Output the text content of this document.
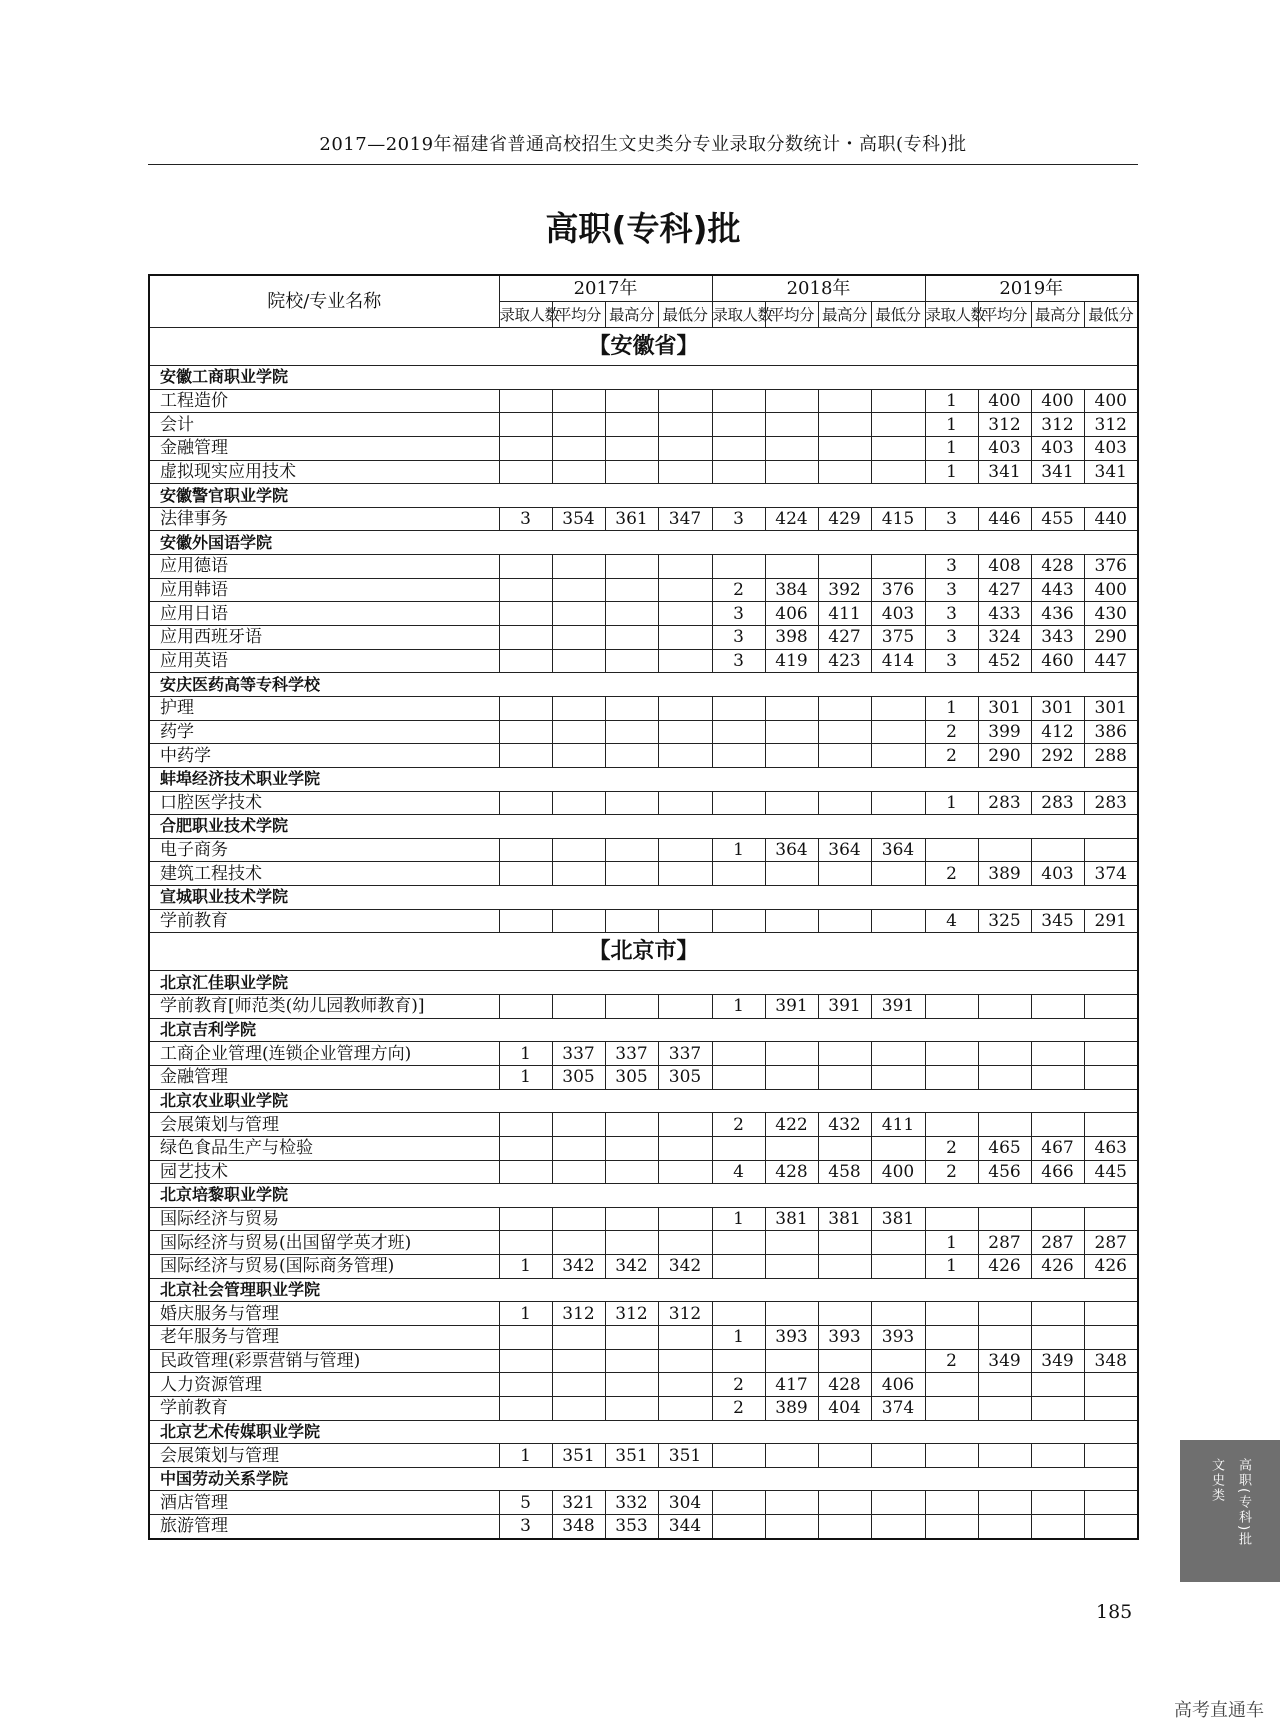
2017—2019年福建省普通高校招生文史类分专业录取分数统计・高职(专科)批
高职(专科)批
院校/专业名称	2017年				2018年				2019年			
	录取人数	平均分	最高分	最低分	录取人数	平均分	最高分	最低分	录取人数	平均分	最高分	最低分
【安徽省】												
安徽工商职业学院												
工程造价									1	400	400	400
会计									1	312	312	312
金融管理									1	403	403	403
虚拟现实应用技术									1	341	341	341
安徽警官职业学院												
法律事务	3	354	361	347	3	424	429	415	3	446	455	440
安徽外国语学院												
应用德语									3	408	428	376
应用韩语					2	384	392	376	3	427	443	400
应用日语					3	406	411	403	3	433	436	430
应用西班牙语					3	398	427	375	3	324	343	290
应用英语					3	419	423	414	3	452	460	447
安庆医药高等专科学校												
护理									1	301	301	301
药学									2	399	412	386
中药学									2	290	292	288
蚌埠经济技术职业学院												
口腔医学技术									1	283	283	283
合肥职业技术学院												
电子商务					1	364	364	364				
建筑工程技术									2	389	403	374
宣城职业技术学院												
学前教育									4	325	345	291
【北京市】												
北京汇佳职业学院												
学前教育[师范类(幼儿园教师教育)]					1	391	391	391				
北京吉利学院												
工商企业管理(连锁企业管理方向)	1	337	337	337								
金融管理	1	305	305	305								
北京农业职业学院												
会展策划与管理					2	422	432	411				
绿色食品生产与检验									2	465	467	463
园艺技术					4	428	458	400	2	456	466	445
北京培黎职业学院												
国际经济与贸易					1	381	381	381				
国际经济与贸易(出国留学英才班)									1	287	287	287
国际经济与贸易(国际商务管理)	1	342	342	342					1	426	426	426
北京社会管理职业学院												
婚庆服务与管理	1	312	312	312								
老年服务与管理					1	393	393	393				
民政管理(彩票营销与管理)									2	349	349	348
人力资源管理					2	417	428	406				
学前教育					2	389	404	374				
北京艺术传媒职业学院												
会展策划与管理	1	351	351	351								
中国劳动关系学院												
酒店管理	5	321	332	304								
旅游管理	3	348	353	344									高职(专科)批
文史类
185
高考直通车
